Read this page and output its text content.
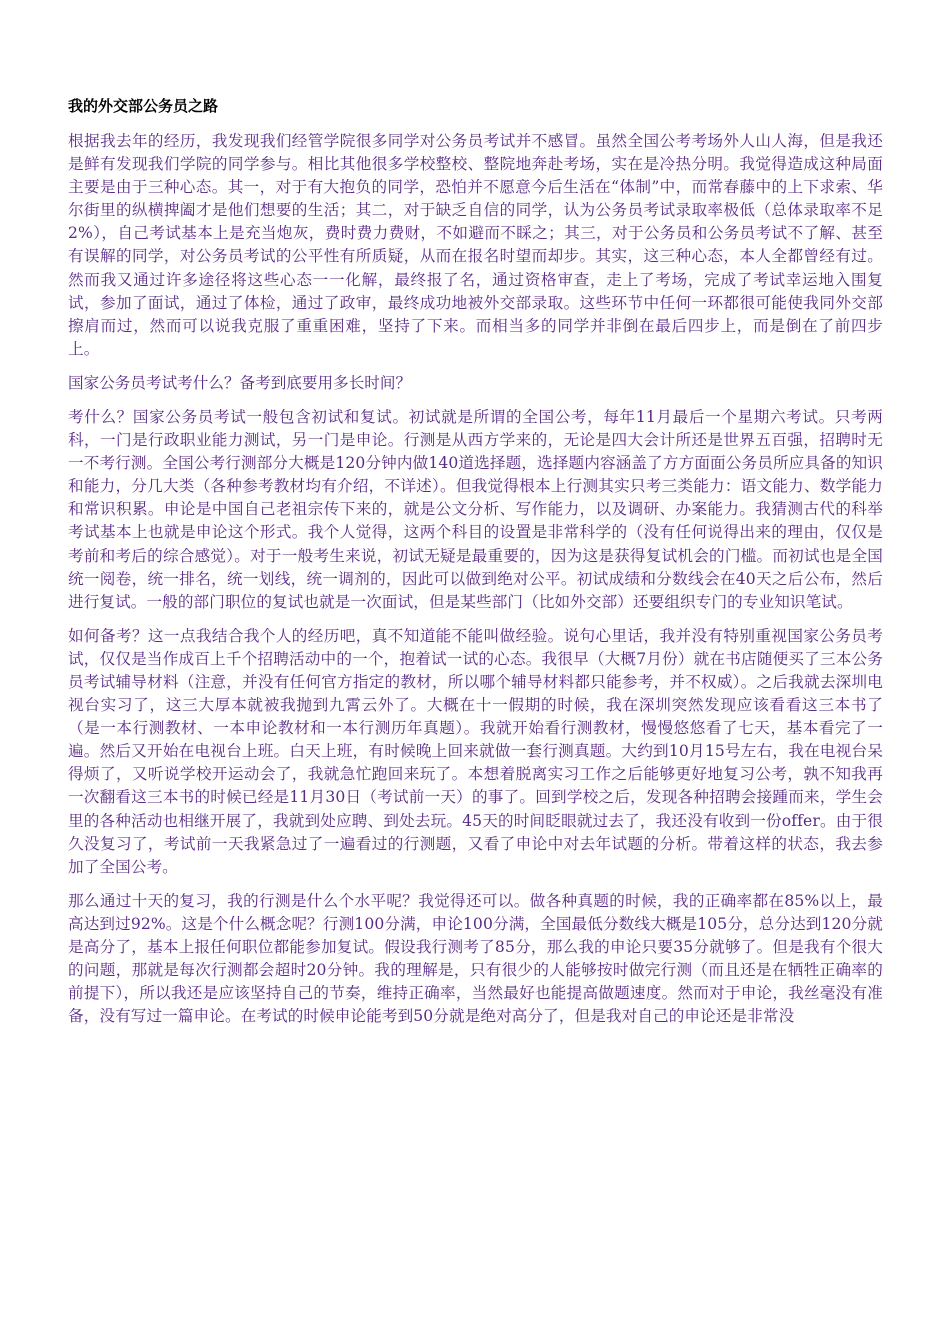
我的外交部公务员之路

根据我去年的经历，我发现我们经管学院很多同学对公务员考试并不感冒。虽然全国公考考场外人山人海，但是我还是鲜有发现我们学院的同学参与。相比其他很多学校整校、整院地奔赴考场，实在是冷热分明。我觉得造成这种局面主要是由于三种心态。其一，对于有大抱负的同学，恐怕并不愿意今后生活在“体制”中，而常春藤中的上下求索、华尔街里的纵横捭阖才是他们想要的生活；其二，对于缺乏自信的同学，认为公务员考试录取率极低（总体录取率不足2%），自己考试基本上是充当炮灰，费时费力费财，不如避而不睬之；其三，对于公务员和公务员考试不了解、甚至有误解的同学，对公务员考试的公平性有所质疑，从而在报名时望而却步。其实，这三种心态，本人全都曾经有过。然而我又通过许多途径将这些心态一一化解，最终报了名，通过资格审查，走上了考场，完成了考试幸运地入围复试，参加了面试，通过了体检，通过了政审，最终成功地被外交部录取。这些环节中任何一环都很可能使我同外交部擦肩而过，然而可以说我克服了重重困难，坚持了下来。而相当多的同学并非倒在最后四步上，而是倒在了前四步上。

国家公务员考试考什么？备考到底要用多长时间？

考什么？国家公务员考试一般包含初试和复试。初试就是所谓的全国公考，每年11月最后一个星期六考试。只考两科，一门是行政职业能力测试，另一门是申论。行测是从西方学来的，无论是四大会计所还是世界五百强，招聘时无一不考行测。全国公考行测部分大概是120分钟内做140道选择题，选择题内容涵盖了方方面面公务员所应具备的知识和能力，分几大类（各种参考教材均有介绍，不详述）。但我觉得根本上行测其实只考三类能力：语文能力、数学能力和常识积累。申论是中国自己老祖宗传下来的，就是公文分析、写作能力，以及调研、办案能力。我猜测古代的科举考试基本上也就是申论这个形式。我个人觉得，这两个科目的设置是非常科学的（没有任何说得出来的理由，仅仅是考前和考后的综合感觉）。对于一般考生来说，初试无疑是最重要的，因为这是获得复试机会的门槛。而初试也是全国统一阅卷，统一排名，统一划线，统一调剂的，因此可以做到绝对公平。初试成绩和分数线会在40天之后公布，然后进行复试。一般的部门职位的复试也就是一次面试，但是某些部门（比如外交部）还要组织专门的专业知识笔试。

如何备考？这一点我结合我个人的经历吧，真不知道能不能叫做经验。说句心里话，我并没有特别重视国家公务员考试，仅仅是当作成百上千个招聘活动中的一个，抱着试一试的心态。我很早（大概7月份）就在书店随便买了三本公务员考试辅导材料（注意，并没有任何官方指定的教材，所以哪个辅导材料都只能参考，并不权威）。之后我就去深圳电视台实习了，这三大厚本就被我抛到九霄云外了。大概在十一假期的时候，我在深圳突然发现应该看看这三本书了（是一本行测教材、一本申论教材和一本行测历年真题）。我就开始看行测教材，慢慢悠悠看了七天，基本看完了一遍。然后又开始在电视台上班。白天上班，有时候晚上回来就做一套行测真题。大约到10月15号左右，我在电视台呆得烦了，又听说学校开运动会了，我就急忙跑回来玩了。本想着脱离实习工作之后能够更好地复习公考，孰不知我再一次翻看这三本书的时候已经是11月30日（考试前一天）的事了。回到学校之后，发现各种招聘会接踵而来，学生会里的各种活动也相继开展了，我就到处应聘、到处去玩。45天的时间眨眼就过去了，我还没有收到一份offer。由于很久没复习了，考试前一天我紧急过了一遍看过的行测题，又看了申论中对去年试题的分析。带着这样的状态，我去参加了全国公考。

那么通过十天的复习，我的行测是什么个水平呢？我觉得还可以。做各种真题的时候，我的正确率都在85%以上，最高达到过92%。这是个什么概念呢？行测100分满，申论100分满，全国最低分数线大概是105分，总分达到120分就是高分了，基本上报任何职位都能参加复试。假设我行测考了85分，那么我的申论只要35分就够了。但是我有个很大的问题，那就是每次行测都会超时20分钟。我的理解是，只有很少的人能够按时做完行测（而且还是在牺牲正确率的前提下），所以我还是应该坚持自己的节奏，维持正确率，当然最好也能提高做题速度。然而对于申论，我丝毫没有准备，没有写过一篇申论。在考试的时候申论能考到50分就是绝对高分了，但是我对自己的申论还是非常没
